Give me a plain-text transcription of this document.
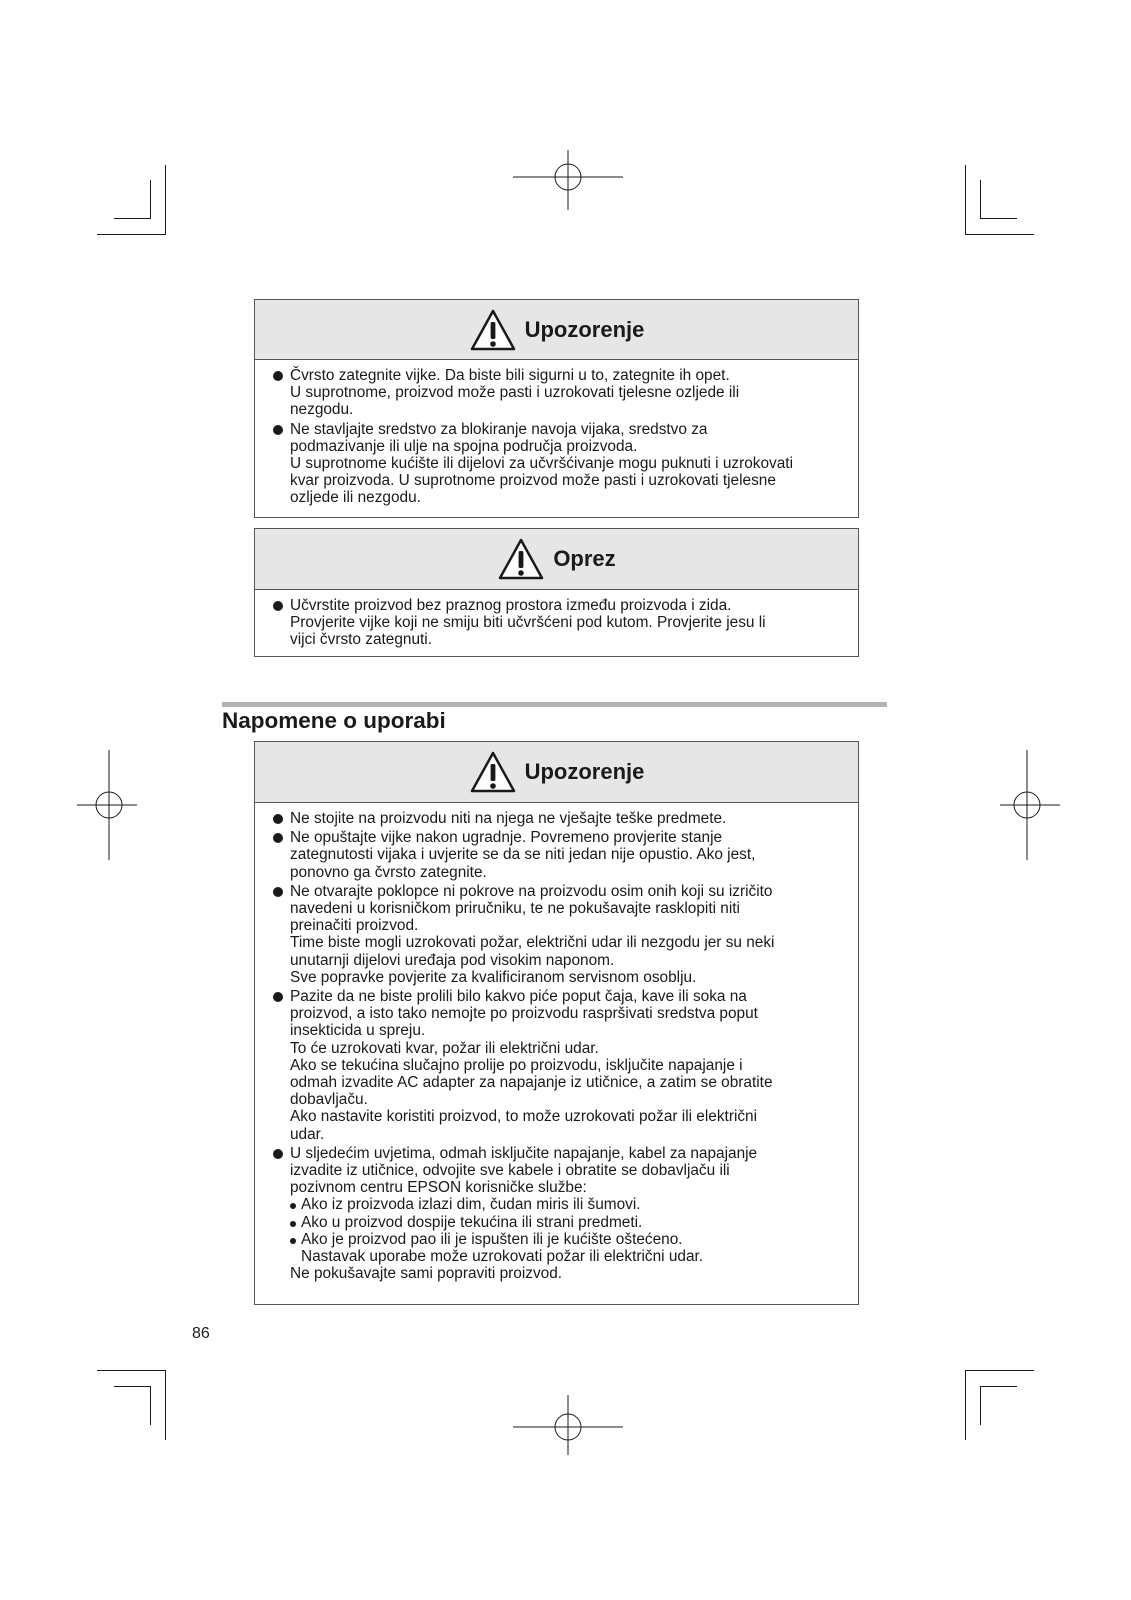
Upozorenje
Čvrsto zategnite vijke. Da biste bili sigurni u to, zategnite ih opet.
U suprotnome, proizvod može pasti i uzrokovati tjelesne ozljede ili
nezgodu.
Ne stavljajte sredstvo za blokiranje navoja vijaka, sredstvo za
podmazivanje ili ulje na spojna područja proizvoda.
U suprotnome kućište ili dijelovi za učvršćivanje mogu puknuti i uzrokovati
kvar proizvoda. U suprotnome proizvod može pasti i uzrokovati tjelesne
ozljede ili nezgodu.
Oprez
Učvrstite proizvod bez praznog prostora između proizvoda i zida.
Provjerite vijke koji ne smiju biti učvršćeni pod kutom. Provjerite jesu li
vijci čvrsto zategnuti.
Napomene o uporabi
Upozorenje
Ne stojite na proizvodu niti na njega ne vješajte teške predmete.
Ne opuštajte vijke nakon ugradnje. Povremeno provjerite stanje
zategnutosti vijaka i uvjerite se da se niti jedan nije opustio. Ako jest,
ponovno ga čvrsto zategnite.
Ne otvarajte poklopce ni pokrove na proizvodu osim onih koji su izričito
navedeni u korisničkom priručniku, te ne pokušavajte rasklopiti niti
preinačiti proizvod.
Time biste mogli uzrokovati požar, električni udar ili nezgodu jer su neki
unutarnji dijelovi uređaja pod visokim naponom.
Sve popravke povjerite za kvalificiranom servisnom osoblju.
Pazite da ne biste prolili bilo kakvo piće poput čaja, kave ili soka na
proizvod, a isto tako nemojte po proizvodu raspršivati sredstva poput
insekticida u spreju.
To će uzrokovati kvar, požar ili električni udar.
Ako se tekućina slučajno prolije po proizvodu, isključite napajanje i
odmah izvadite AC adapter za napajanje iz utičnice, a zatim se obratite
dobavljaču.
Ako nastavite koristiti proizvod, to može uzrokovati požar ili električni
udar.
U sljedećim uvjetima, odmah isključite napajanje, kabel za napajanje
izvadite iz utičnice, odvojite sve kabele i obratite se dobavljaču ili
pozivnom centru EPSON korisničke službe:
Ako iz proizvoda izlazi dim, čudan miris ili šumovi.
Ako u proizvod dospije tekućina ili strani predmeti.
Ako je proizvod pao ili je ispušten ili je kućište oštećeno.
Nastavak uporabe može uzrokovati požar ili električni udar.
Ne pokušavajte sami popraviti proizvod.
86
